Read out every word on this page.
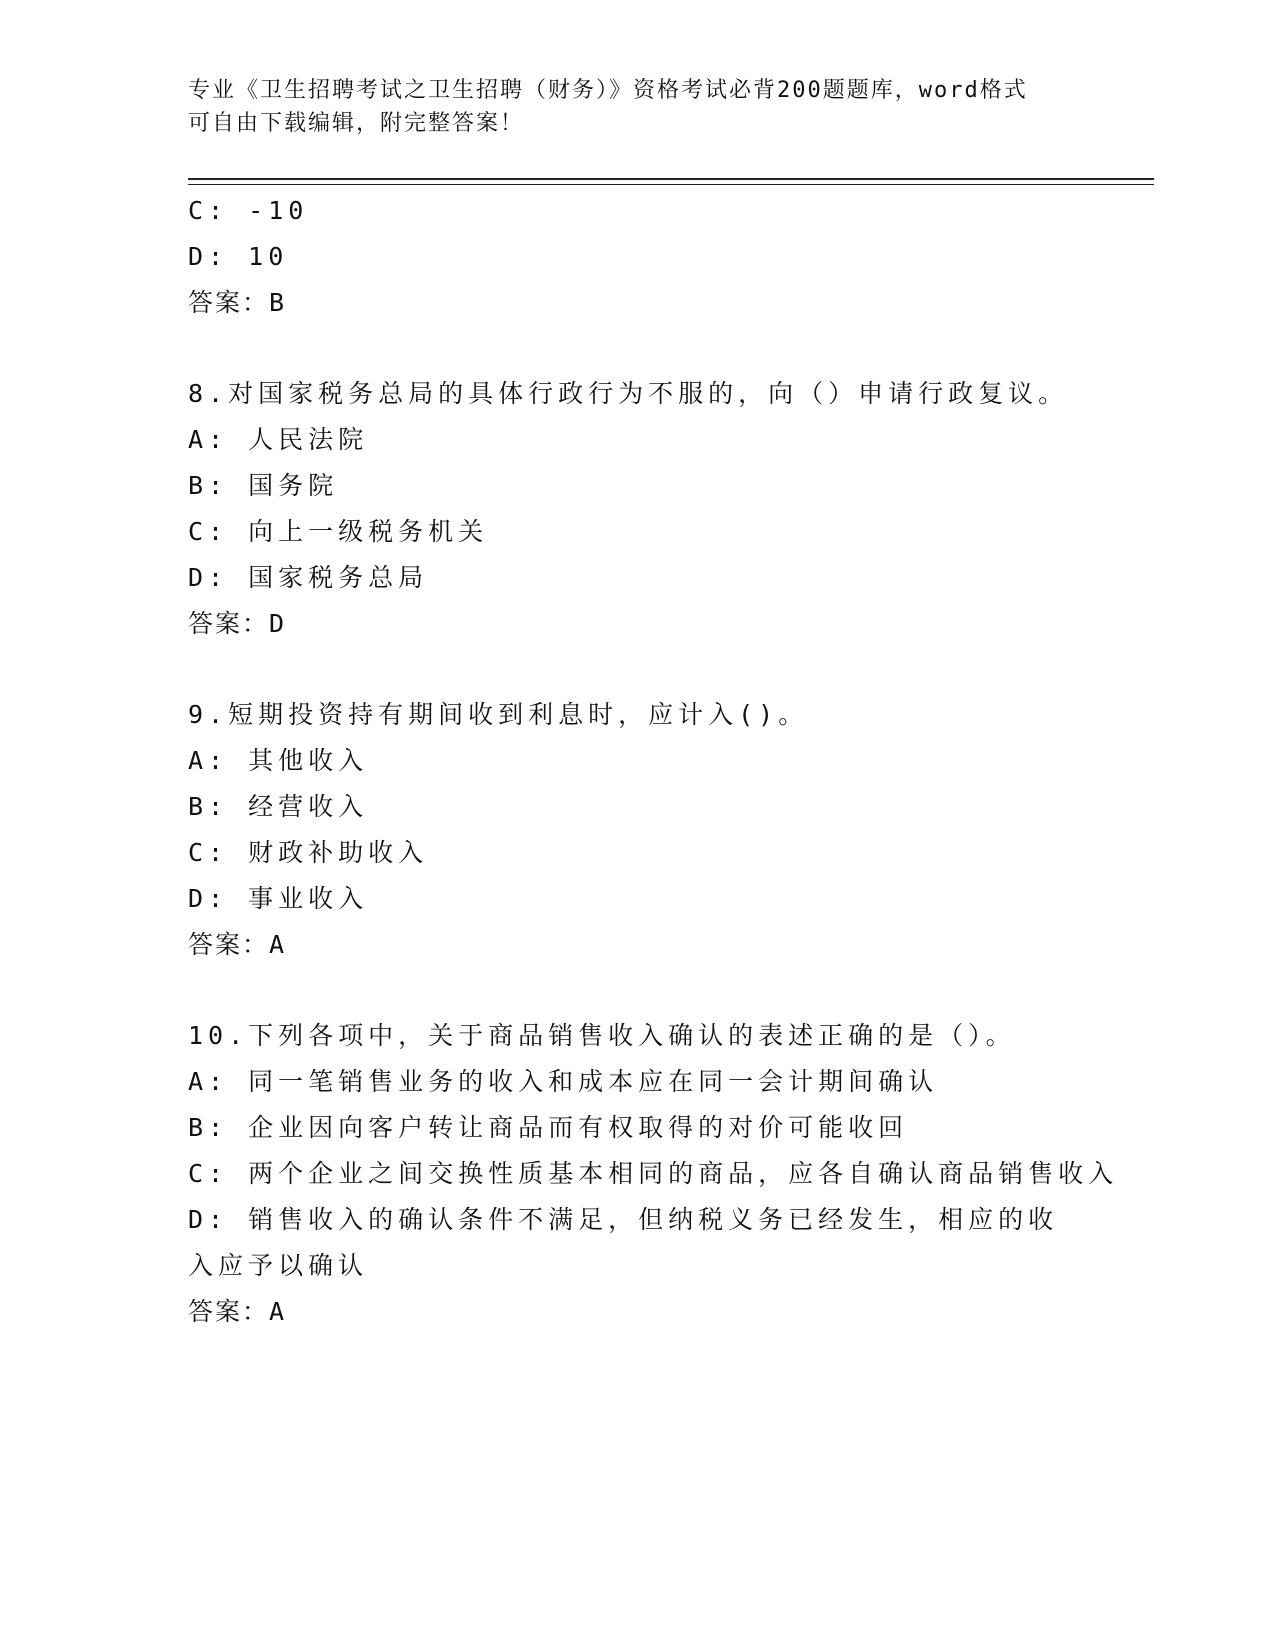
专业《卫生招聘考试之卫生招聘（财务）》资格考试必背200题题库，word格式
可自由下载编辑，附完整答案！
C: -10
D: 10
答案：B
8.对国家税务总局的具体行政行为不服的，向（）申请行政复议。
A: 人民法院
B: 国务院
C: 向上一级税务机关
D: 国家税务总局
答案：D
9.短期投资持有期间收到利息时，应计入()。
A: 其他收入
B: 经营收入
C: 财政补助收入
D: 事业收入
答案：A
10.下列各项中，关于商品销售收入确认的表述正确的是（）。
A: 同一笔销售业务的收入和成本应在同一会计期间确认
B: 企业因向客户转让商品而有权取得的对价可能收回
C: 两个企业之间交换性质基本相同的商品，应各自确认商品销售收入
D: 销售收入的确认条件不满足，但纳税义务已经发生，相应的收入应予以确认
答案：A
